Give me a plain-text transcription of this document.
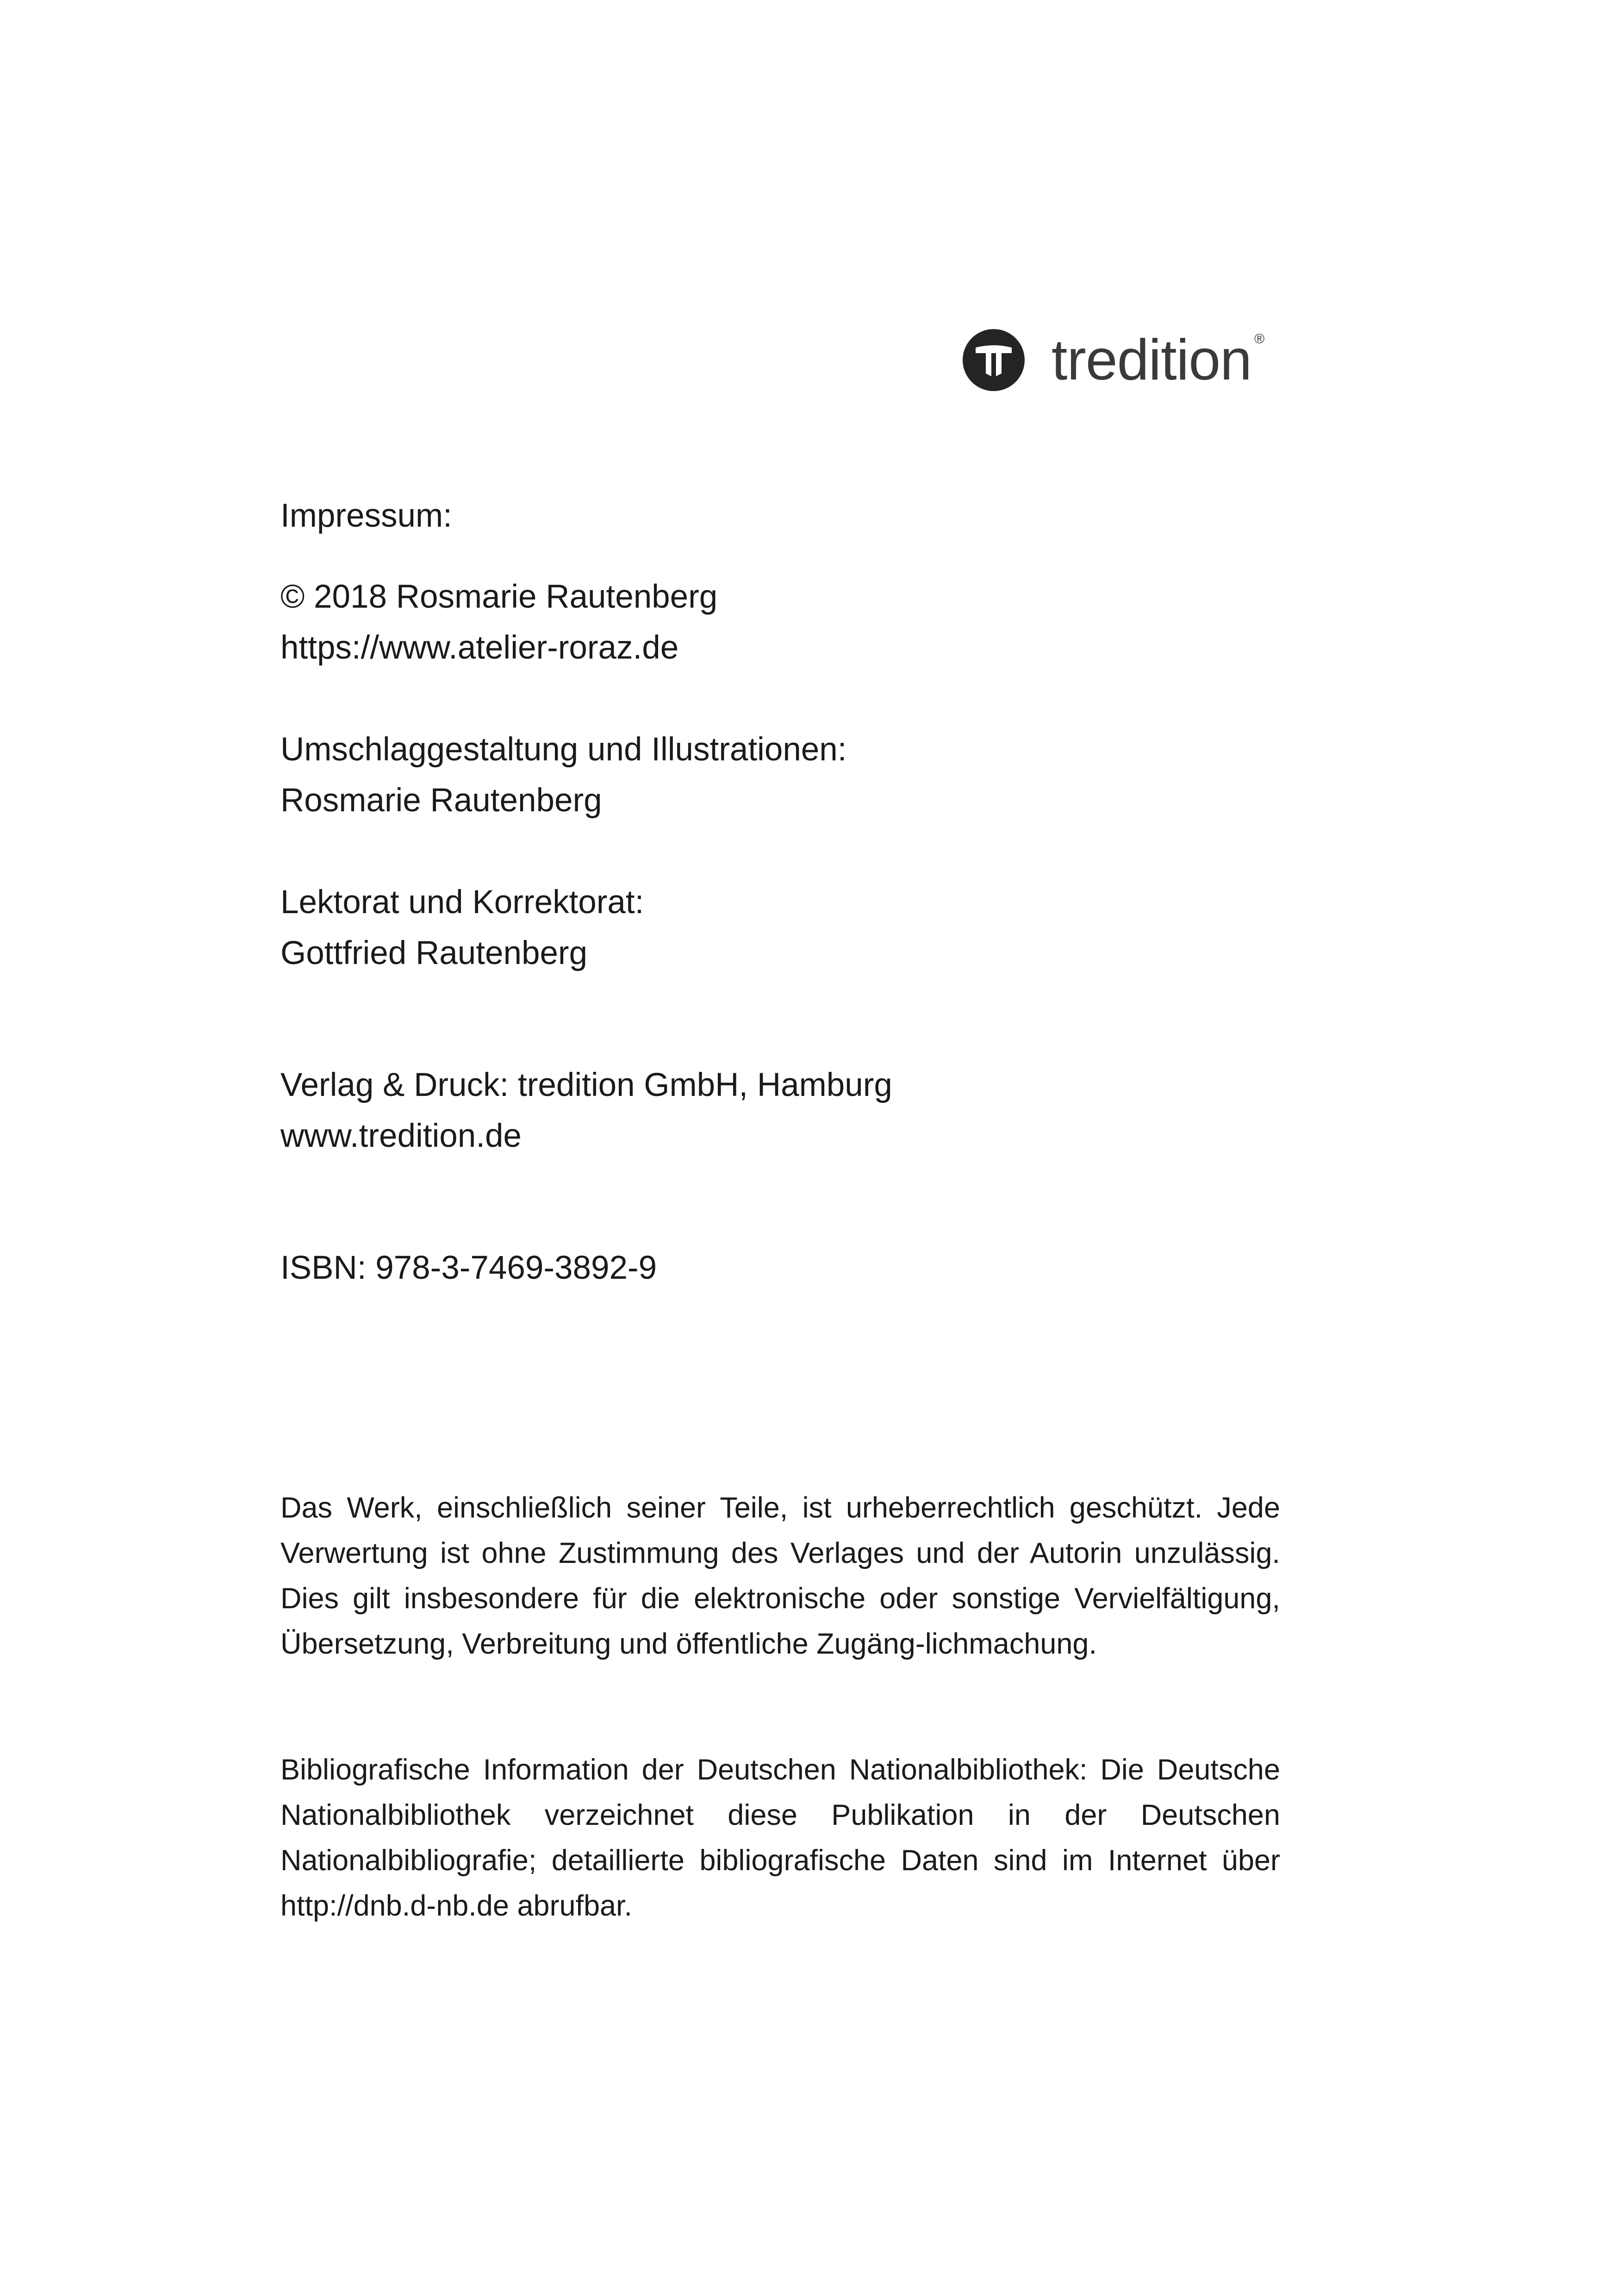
tredition ®
Impressum:
© 2018 Rosmarie Rautenberg
https://www.atelier-roraz.de
Umschlaggestaltung und Illustrationen:
Rosmarie Rautenberg
Lektorat und Korrektorat:
Gottfried Rautenberg
Verlag & Druck: tredition GmbH, Hamburg
www.tredition.de
ISBN: 978-3-7469-3892-9

Das Werk, einschließlich seiner Teile, ist urheberrechtlich geschützt. Jede Verwertung ist ohne Zustimmung des Verlages und der Autorin unzulässig. Dies gilt insbesondere für die elektronische oder sonstige Vervielfältigung, Übersetzung, Verbreitung und öffentliche Zugäng-lichmachung.

Bibliografische Information der Deutschen Nationalbibliothek: Die Deutsche Nationalbibliothek verzeichnet diese Publikation in der Deutschen Nationalbibliografie; detaillierte bibliografische Daten sind im Internet über http://dnb.d-nb.de abrufbar.
